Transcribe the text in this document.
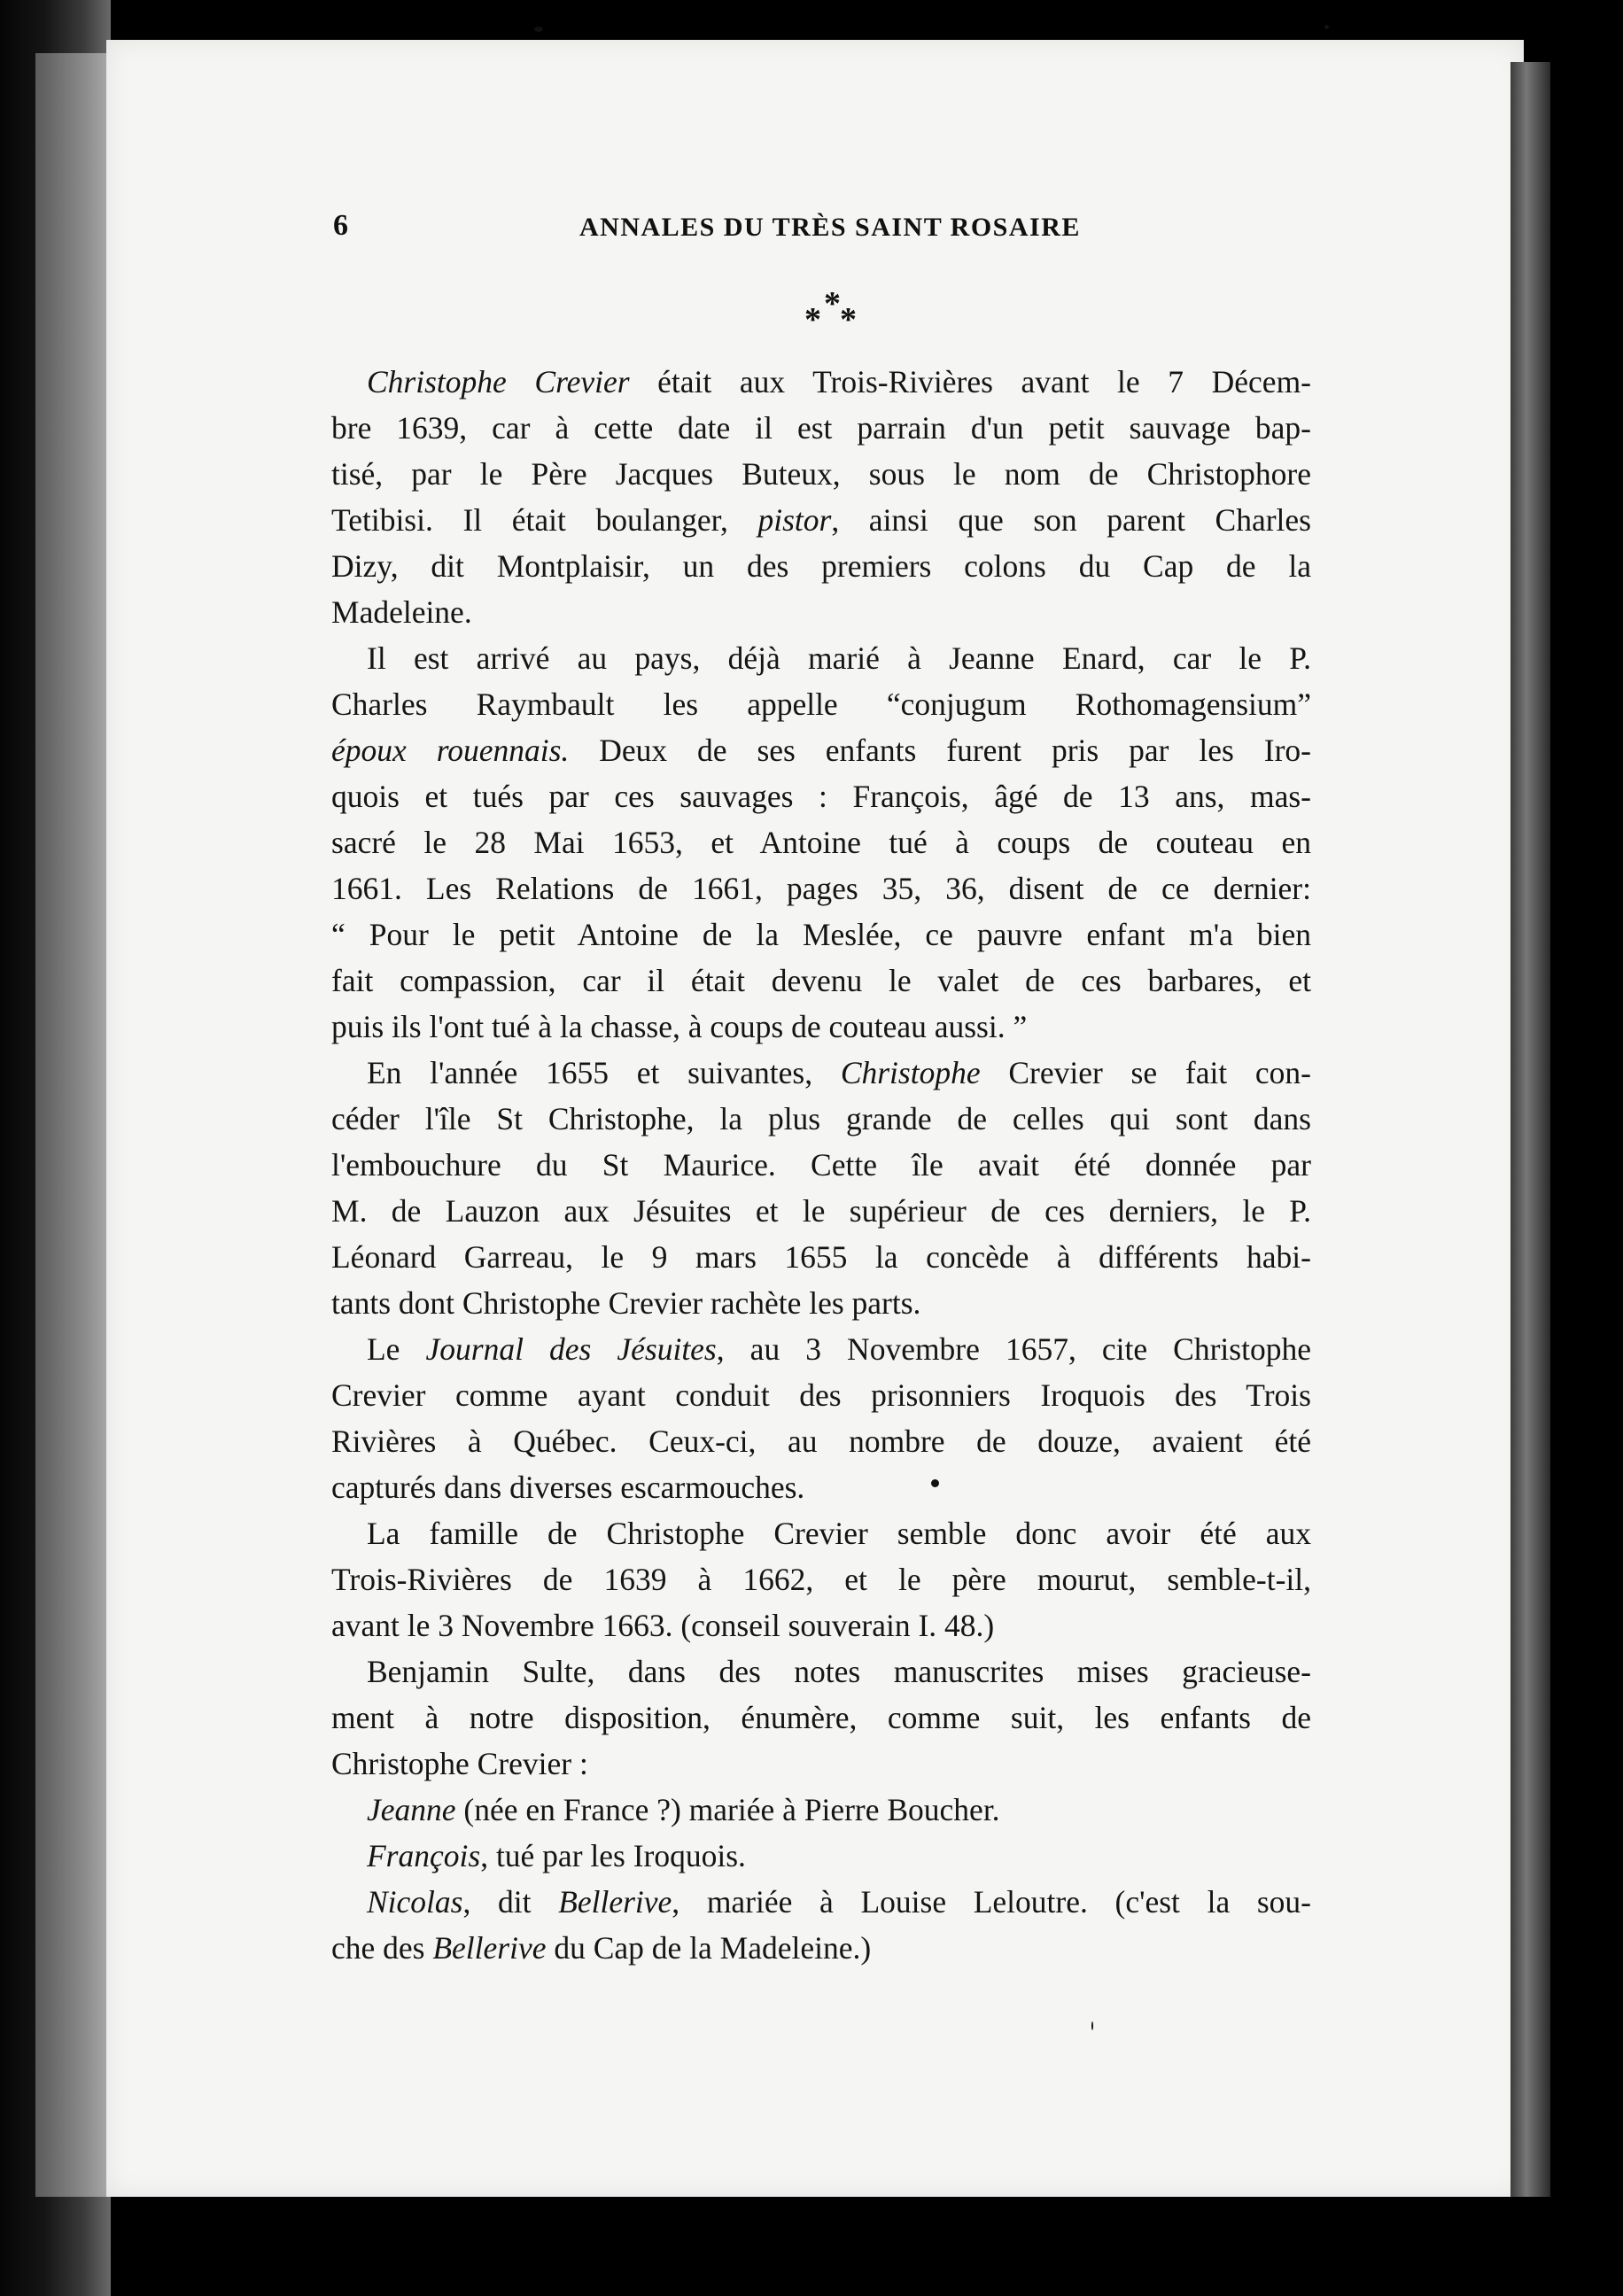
6	ANNALES DU TRÈS SAINT ROSAIRE
*
* *
Christophe Crevier était aux Trois-Rivières avant le 7 Décem-
bre 1639, car à cette date il est parrain d'un petit sauvage bap-
tisé, par le Père Jacques Buteux, sous le nom de Christophore
Tetibisi. Il était boulanger, pistor, ainsi que son parent Charles
Dizy, dit Montplaisir, un des premiers colons du Cap de la
Madeleine.
Il est arrivé au pays, déjà marié à Jeanne Enard, car le P.
Charles Raymbault les appelle “conjugum Rothomagensium”
époux rouennais. Deux de ses enfants furent pris par les Iro-
quois et tués par ces sauvages : François, âgé de 13 ans, mas-
sacré le 28 Mai 1653, et Antoine tué à coups de couteau en
1661. Les Relations de 1661, pages 35, 36, disent de ce dernier:
“ Pour le petit Antoine de la Meslée, ce pauvre enfant m'a bien
fait compassion, car il était devenu le valet de ces barbares, et
puis ils l'ont tué à la chasse, à coups de couteau aussi. ”
En l'année 1655 et suivantes, Christophe Crevier se fait con-
céder l'île St Christophe, la plus grande de celles qui sont dans
l'embouchure du St Maurice. Cette île avait été donnée par
M. de Lauzon aux Jésuites et le supérieur de ces derniers, le P.
Léonard Garreau, le 9 mars 1655 la concède à différents habi-
tants dont Christophe Crevier rachète les parts.
Le Journal des Jésuites, au 3 Novembre 1657, cite Christophe
Crevier comme ayant conduit des prisonniers Iroquois des Trois
Rivières à Québec. Ceux-ci, au nombre de douze, avaient été
capturés dans diverses escarmouches.
La famille de Christophe Crevier semble donc avoir été aux
Trois-Rivières de 1639 à 1662, et le père mourut, semble-t-il,
avant le 3 Novembre 1663. (conseil souverain I. 48.)
Benjamin Sulte, dans des notes manuscrites mises gracieuse-
ment à notre disposition, énumère, comme suit, les enfants de
Christophe Crevier :
Jeanne (née en France ?) mariée à Pierre Boucher.
François, tué par les Iroquois.
Nicolas, dit Bellerive, mariée à Louise Leloutre. (c'est la sou-
che des Bellerive du Cap de la Madeleine.)
